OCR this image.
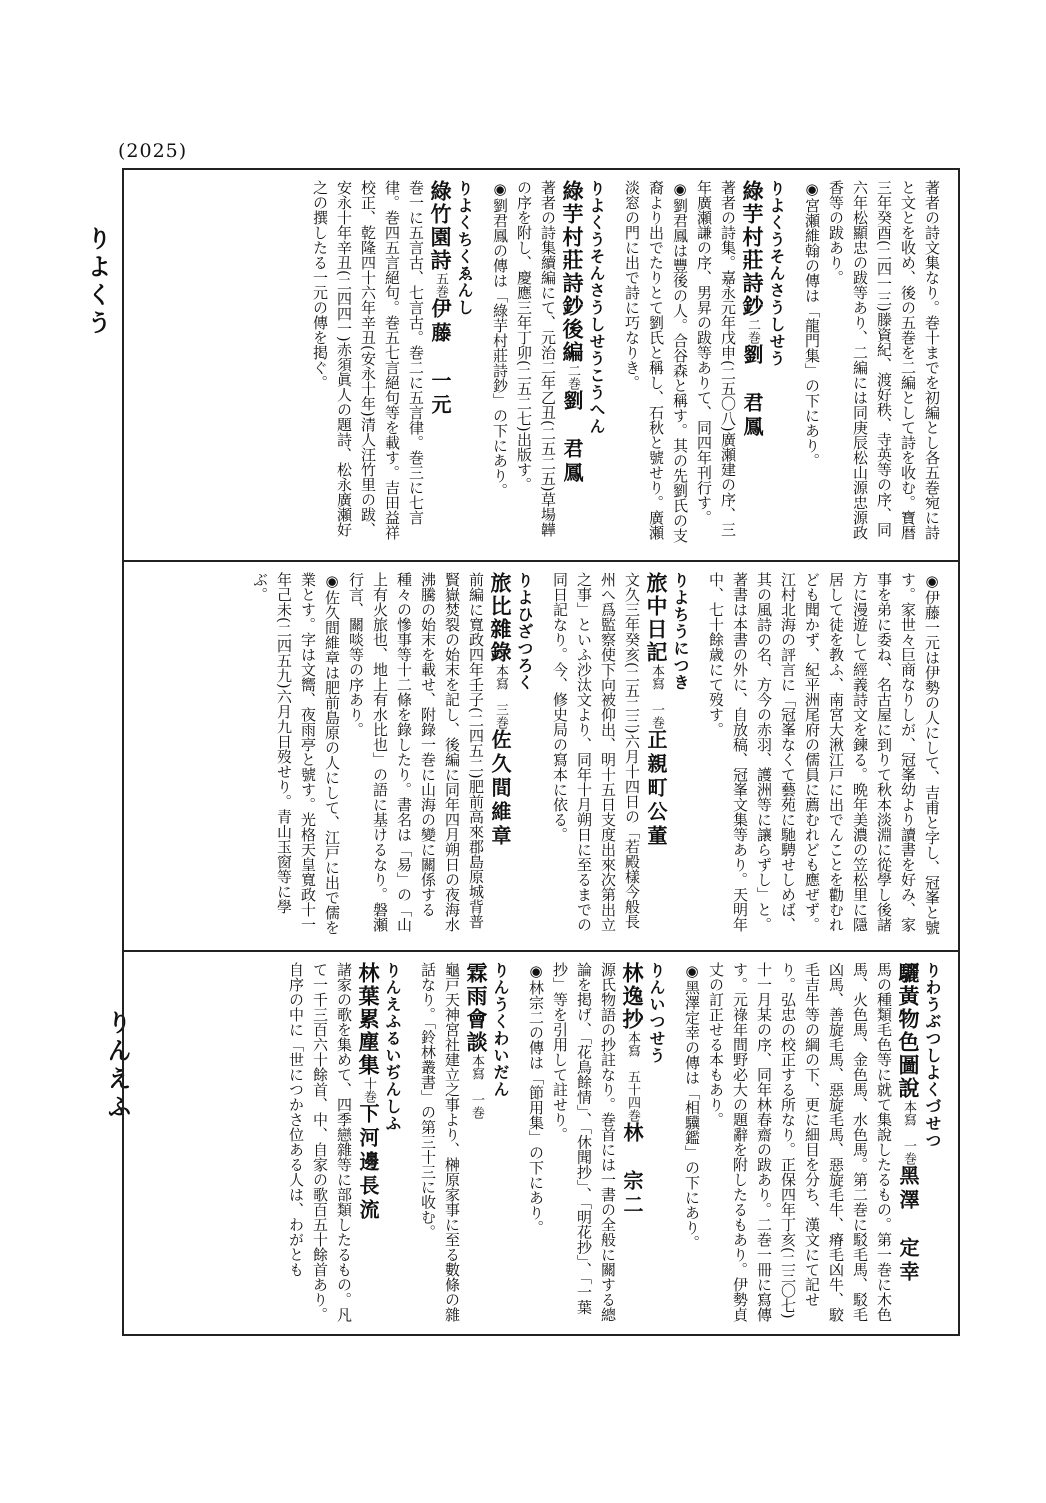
(2025)
りよくう
りんえふ

著者の詩文集なり。巻十までを初編とし各五巻宛に詩と文とを收め、後の五巻を二編として詩を收む。寶暦三年癸酉(二四一三)滕資紀、渡好秩、寺英等の序、同六年松顯忠の跋等あり、二編には同庚辰松山源忠源政香等の跋あり。

◉ 宮瀬維翰の傳は「龍門集」の下にあり。

りよくうそんさうしせう
綠芋村莊詩鈔二巻劉　君鳳

著者の詩集。嘉永元年戊申(二五〇八)廣瀬建の序、三年廣瀬謙の序、男昇の跋等ありて、同四年刊行す。

◉ 劉君鳳は豐後の人。合谷森と稱す。其の先劉氏の支裔より出でたりとて劉氏と稱し、石秋と號せり。廣瀬淡窓の門に出で詩に巧なりき。

りよくうそんさうしせうこうへん
綠芋村莊詩鈔後編二巻劉　君鳳

著者の詩集續編にて、元治二年乙丑(二五二五)草場韡の序を附し、慶應三年丁卯(二五二七)出版す。

◉ 劉君鳳の傳は「綠芋村莊詩鈔」の下にあり。

りよくちくゑんし
綠竹園詩五巻伊藤　一元

巻一に五言古、七言古。巻二に五言律。巻三に七言律。巻四五言絕句。巻五七言絕句等を載す。吉田益祥校正、乾隆四十六年辛丑(安永十年)清人汪竹里の跋、安永十年辛丑(二四四一)赤須眞人の題詩、松永廣瀬好之の撰したる一元の傳を掲ぐ。

◉ 伊藤一元は伊勢の人にして、吉甫と字し、冠峯と號す。家世々巨商なりしが、冠峯幼より讀書を好み、家事を弟に委ね、名古屋に到りて秋本淡淵に從學し後諸方に漫遊して經義詩文を鍊る。晩年美濃の笠松里に隱居して徒を教ふ、南宮大湫江戸に出でんことを勸むれども聞かず、紀平洲尾府の儒員に薦むれども應ぜず。江村北海の評言に「冠峯なくて藝苑に馳騁せしめば、其の風詩の名、方今の赤羽、護洲等に讓らずし」と。著書は本書の外に、自放稿、冠峯文集等あり。天明年中、七十餘歳にて歿す。

りよちうにつき
旅中日記本寫　一巻正親町公董

文久三年癸亥(二五二三)六月十四日の「若殿樣今般長州へ爲監察使下向被仰出、明十五日支度出來次第出立之事」といふ沙汰文より、同年十月朔日に至るまでの同日記なり。今、修史局の寫本に依る。

りよひざつろく
旅比雜錄本寫　三巻佐久間維章

前編に寬政四年壬子(二四五二)肥前高來郡島原城背普賢嶽焚裂の始末を記し、後編に同年四月朔日の夜海水沸騰の始末を載せ、附錄一巻に山海の變に關係する種々の慘事等十二條を錄したり。書名は「易」の「山上有火旅也、地上有水比也」の語に基けるなり。磐瀬行言、關啖等の序あり。

◉ 佐久間維章は肥前島原の人にして、江戸に出で儒を業とす。字は文嚮、夜雨亭と號す。光格天皇寬政十一年己未(二四五九)六月九日歿せり。青山玉窗等に學ぶ。

りわうぶつしよくづせつ
驪黃物色圖說本寫　一巻黑澤　定幸

馬の種類毛色等に就て集說したるもの。第一巻に木色馬、火色馬、金色馬、水色馬。第二巻に駁毛馬、駁毛凶馬、善旋毛馬、惡旋毛馬、惡旋毛牛、瘠毛凶牛、駮毛吉牛等の綱の下、更に細目を分ち、漢文にて記せり。弘忠の校正する所なり。正保四年丁亥(二三〇七)十一月某の序、同年林春齋の跋あり。二巻一冊に寫傳す。元祿年間野必大の題辭を附したるもあり。伊勢貞丈の訂正せる本もあり。

◉ 黑澤定幸の傳は「相驥鑑」の下にあり。

りんいつせう
林逸抄本寫　五十四巻林　宗二

源氏物語の抄註なり。巻首には一書の全般に關する總論を掲げ、「花鳥餘情」、「休聞抄」、「明花抄」、「一葉抄」等を引用して註せり。

◉ 林宗二の傳は「節用集」の下にあり。

りんうくわいだん
霖雨會談本寫　一巻

龜戸天神宮社建立之事より、榊原家事に至る數條の雜話なり。「鈴林叢書」の第三十三に收む。

りんえふるいぢんしふ
林葉累塵集十巻下河邊長流

諸家の歌を集めて、四季戀雜等に部類したるもの。凡て一千三百六十餘首、中、自家の歌百五十餘首あり。自序の中に「世につかさ位ある人は、わがとも
